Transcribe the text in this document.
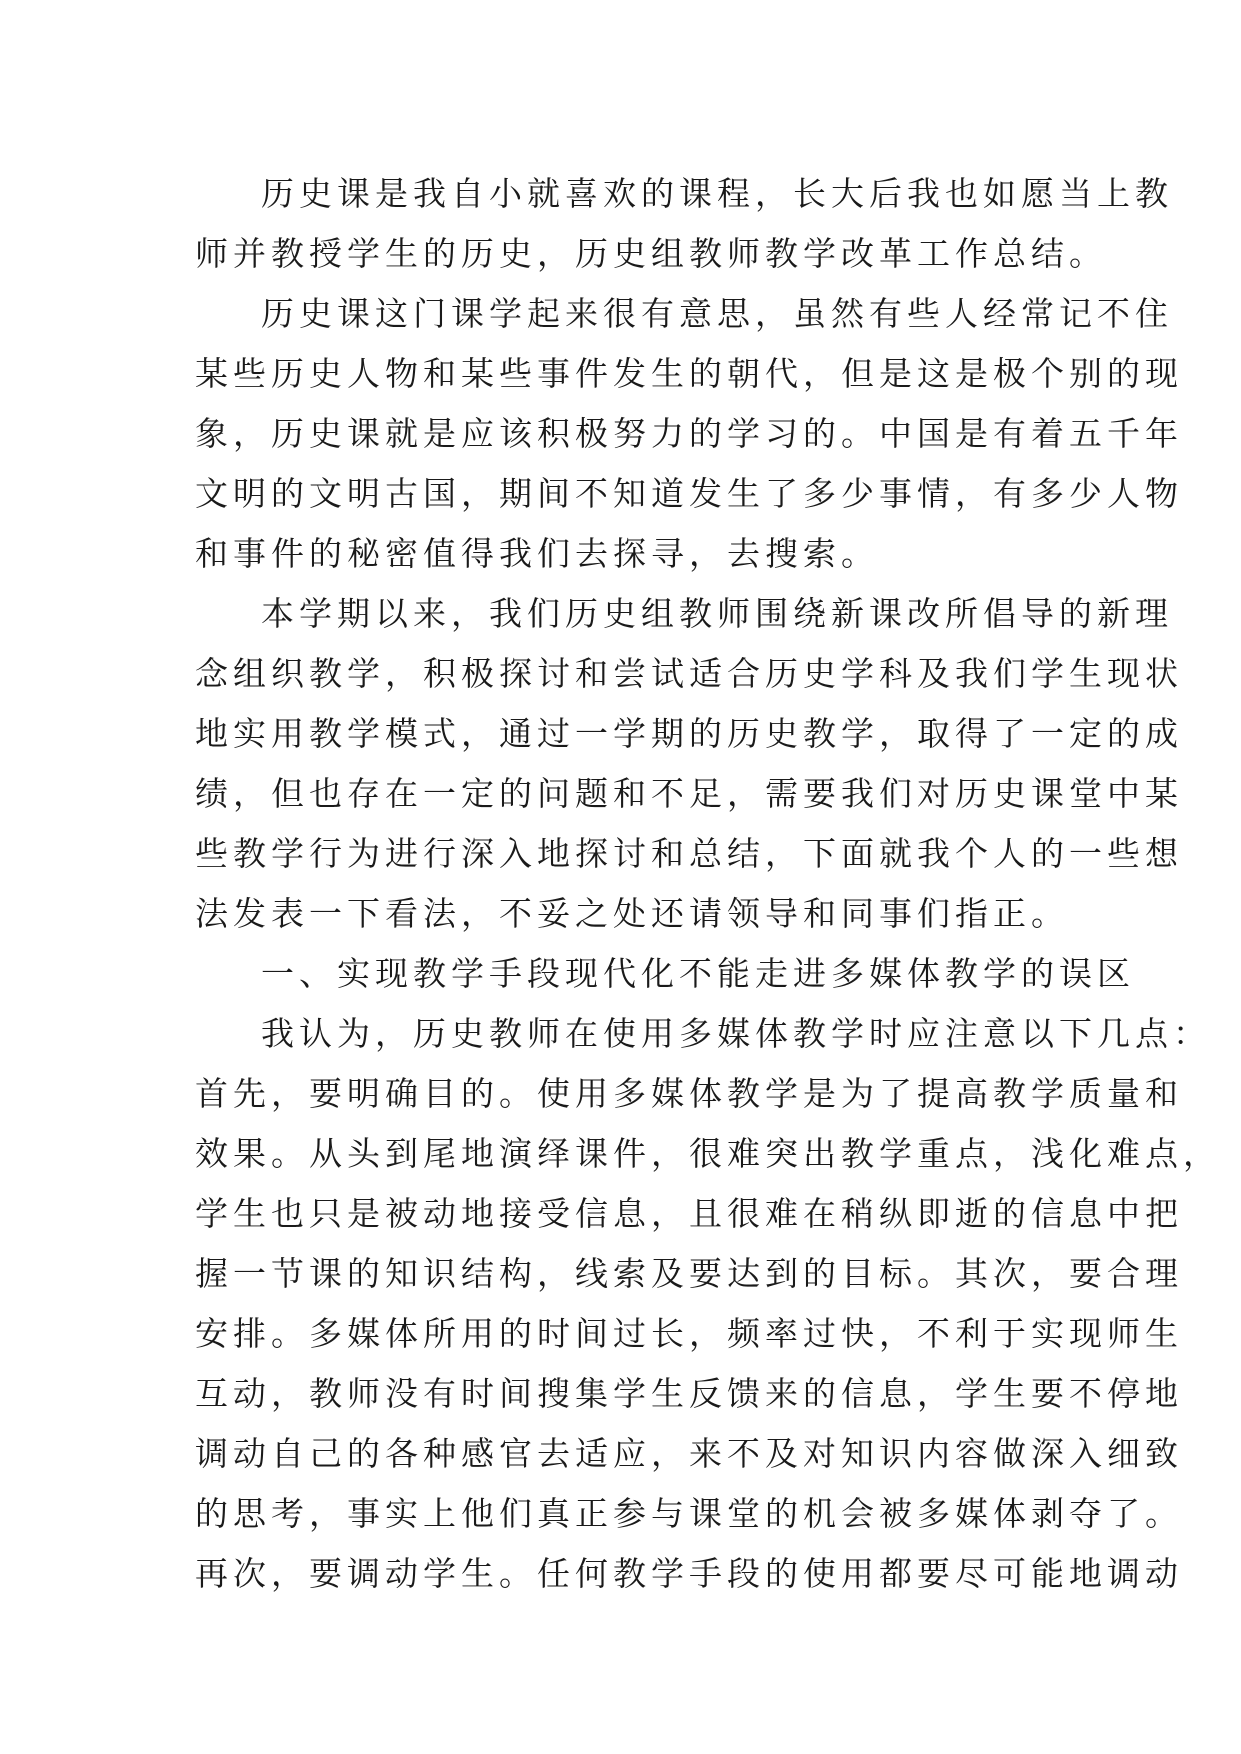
历史课是我自小就喜欢的课程，长大后我也如愿当上教
师并教授学生的历史，历史组教师教学改革工作总结。
历史课这门课学起来很有意思，虽然有些人经常记不住
某些历史人物和某些事件发生的朝代，但是这是极个别的现
象，历史课就是应该积极努力的学习的。中国是有着五千年
文明的文明古国，期间不知道发生了多少事情，有多少人物
和事件的秘密值得我们去探寻，去搜索。
本学期以来，我们历史组教师围绕新课改所倡导的新理
念组织教学，积极探讨和尝试适合历史学科及我们学生现状
地实用教学模式，通过一学期的历史教学，取得了一定的成
绩，但也存在一定的问题和不足，需要我们对历史课堂中某
些教学行为进行深入地探讨和总结，下面就我个人的一些想
法发表一下看法，不妥之处还请领导和同事们指正。
一、实现教学手段现代化不能走进多媒体教学的误区
我认为，历史教师在使用多媒体教学时应注意以下几点：
首先，要明确目的。使用多媒体教学是为了提高教学质量和
效果。从头到尾地演绎课件，很难突出教学重点，浅化难点，
学生也只是被动地接受信息，且很难在稍纵即逝的信息中把
握一节课的知识结构，线索及要达到的目标。其次，要合理
安排。多媒体所用的时间过长，频率过快，不利于实现师生
互动，教师没有时间搜集学生反馈来的信息，学生要不停地
调动自己的各种感官去适应，来不及对知识内容做深入细致
的思考，事实上他们真正参与课堂的机会被多媒体剥夺了。
再次，要调动学生。任何教学手段的使用都要尽可能地调动
